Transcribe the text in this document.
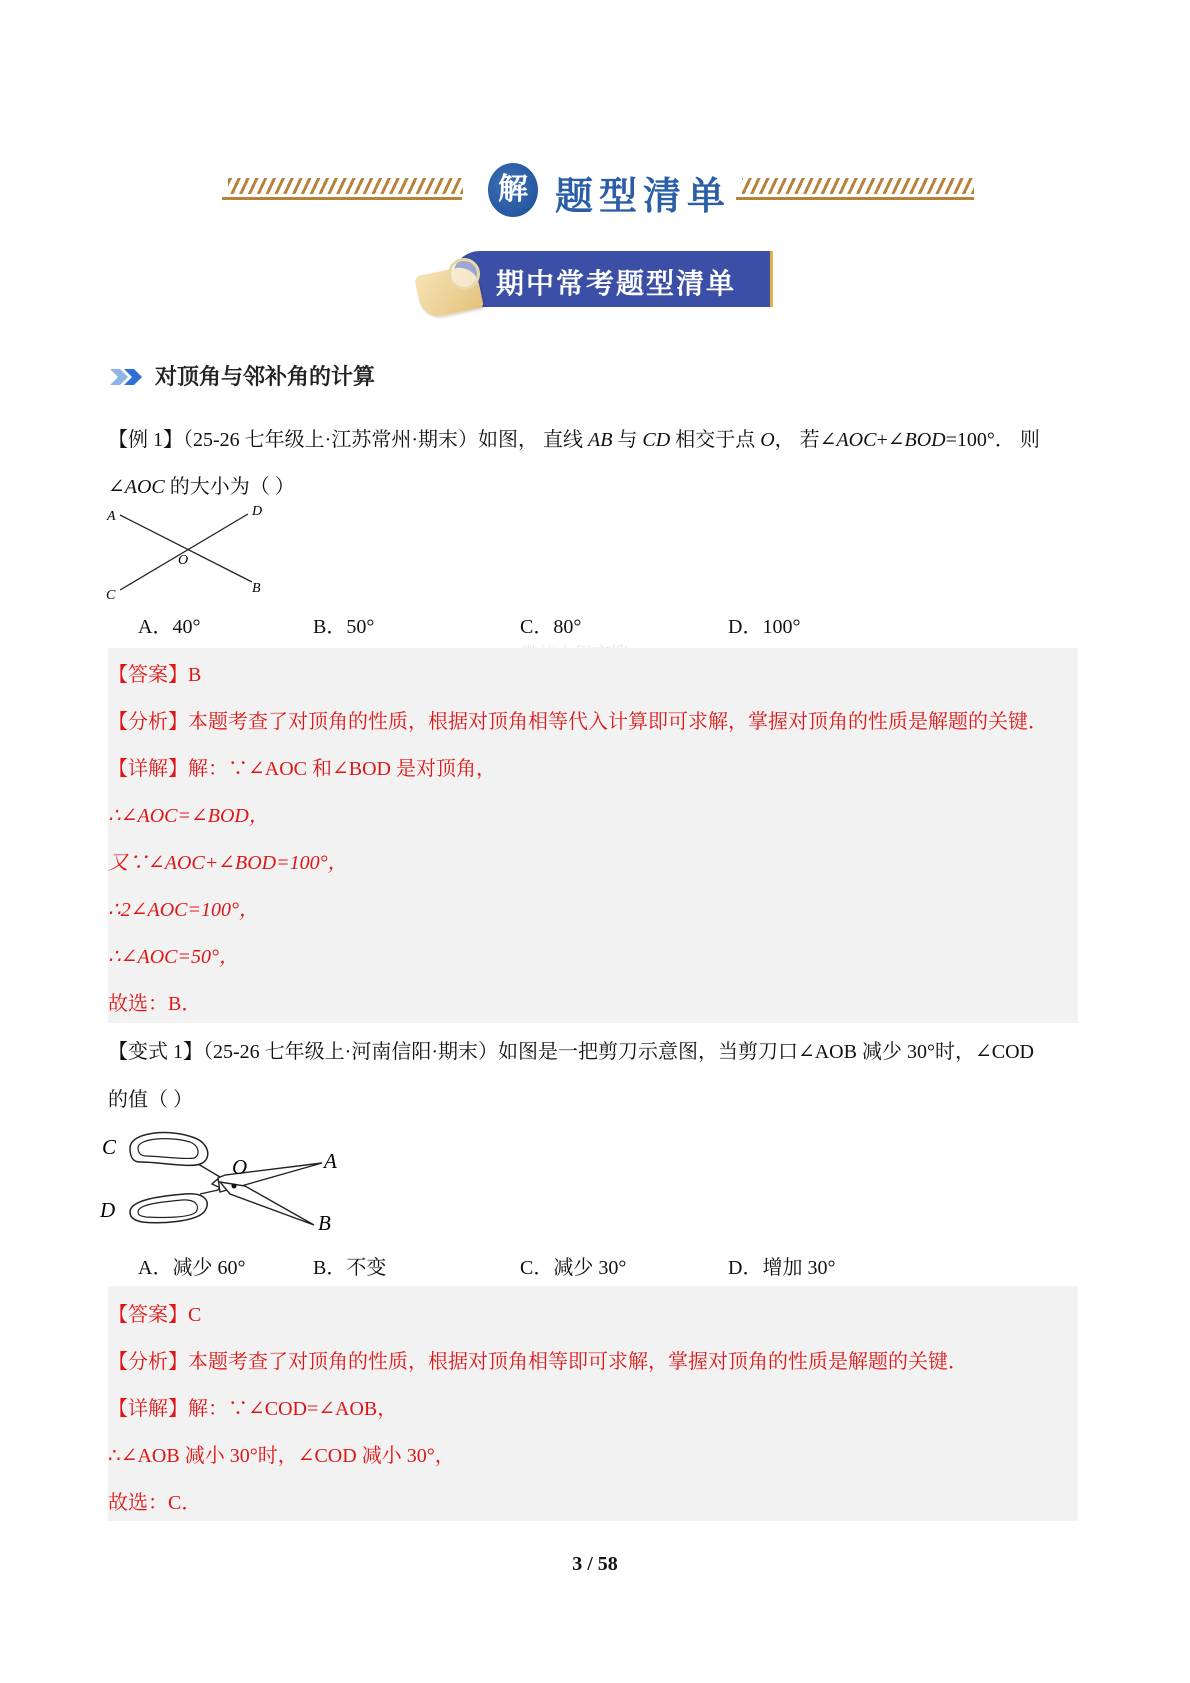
解 题型清单
期中常考题型清单
对顶角与邻补角的计算
【例 1】（25-26 七年级上·江苏常州·期末）如图， 直线 AB 与 CD 相交于点 O， 若∠AOC+∠BOD=100°． 则
∠AOC 的大小为（ ）
A	D
O
C	B
A．40°	B．50°	C．80°	D．100°
【答案】B
【分析】本题考查了对顶角的性质，根据对顶角相等代入计算即可求解，掌握对顶角的性质是解题的关键．
【详解】解：∵∠AOC 和∠BOD 是对顶角，
∴∠AOC=∠BOD，
又∵∠AOC+∠BOD=100°，
∴2∠AOC=100°，
∴∠AOC=50°，
故选：B．
【变式 1】（25-26 七年级上·河南信阳·期末）如图是一把剪刀示意图，当剪刀口∠AOB 减少 30°时，∠COD
的值（ ）
C
O	A
D
B
A．减少 60°	B．不变	C．减少 30°	D．增加 30°
【答案】C
【分析】本题考查了对顶角的性质，根据对顶角相等即可求解，掌握对顶角的性质是解题的关键．
【详解】解：∵∠COD=∠AOB，
∴∠AOB 减小 30°时，∠COD 减小 30°，
故选：C．
3 / 58
